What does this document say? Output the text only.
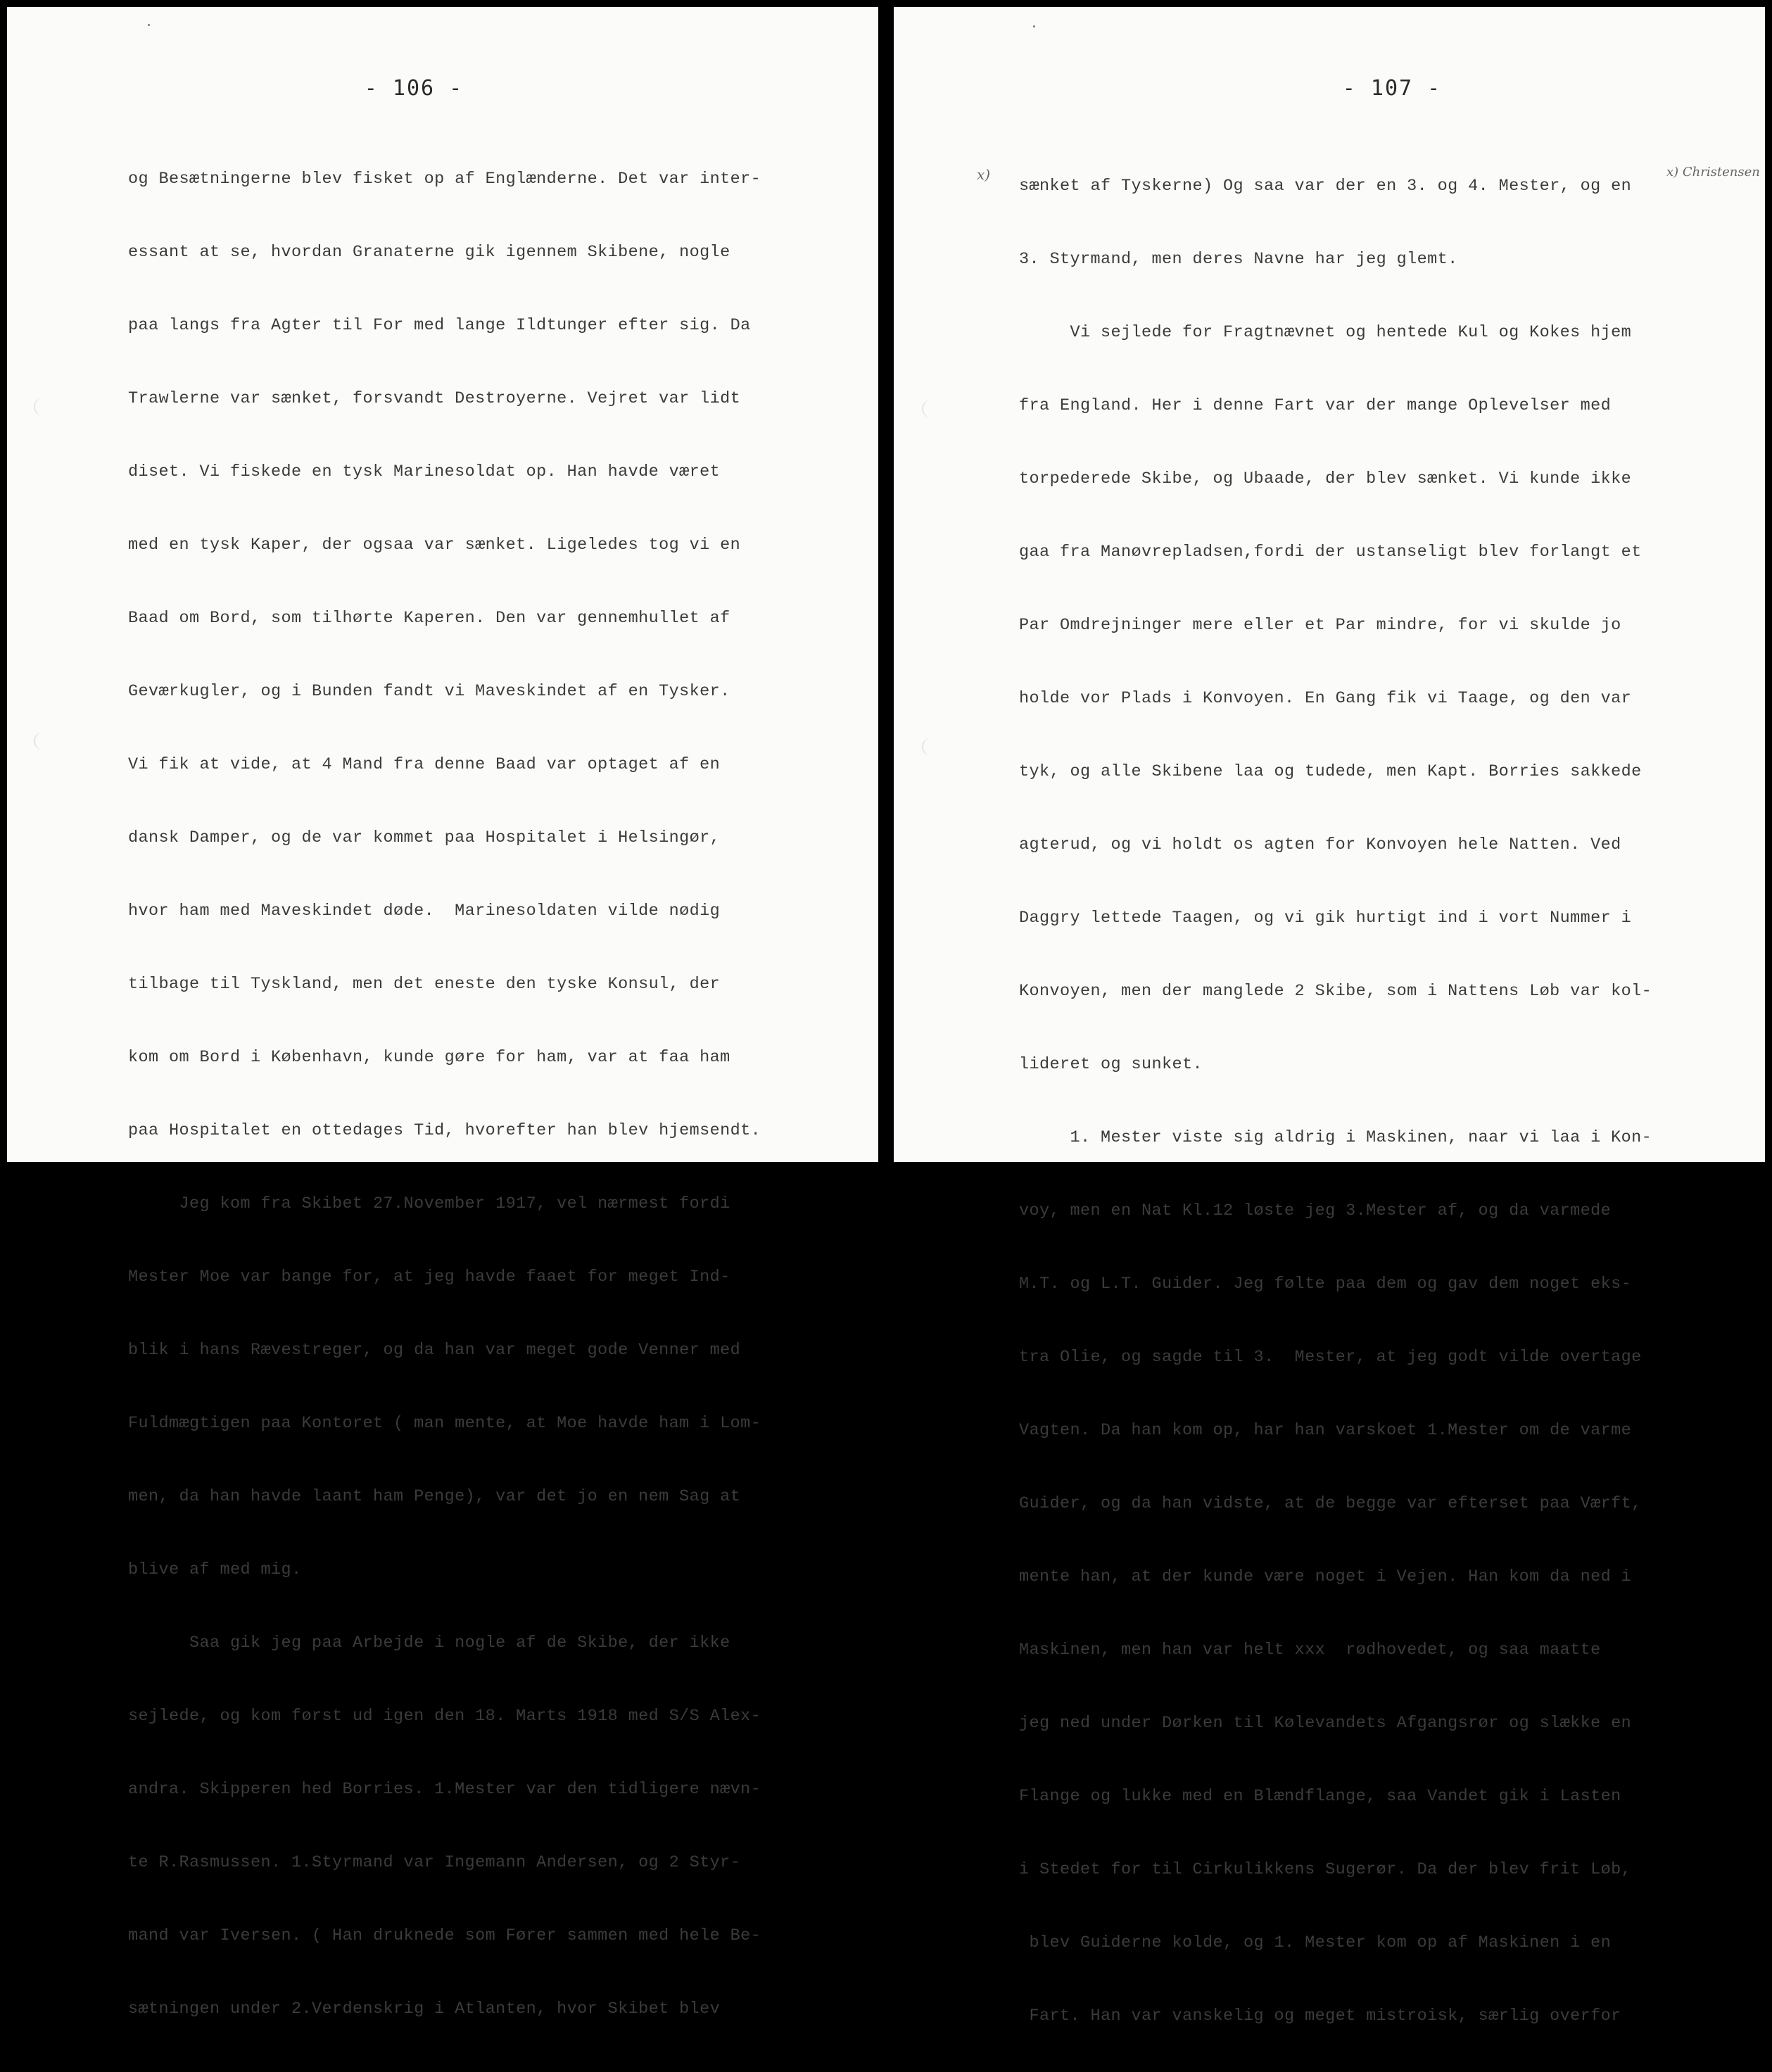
- 106 -

og Besætningerne blev fisket op af Englænderne. Det var inter-

essant at se, hvordan Granaterne gik igennem Skibene, nogle

paa langs fra Agter til For med lange Ildtunger efter sig. Da

Trawlerne var sænket, forsvandt Destroyerne. Vejret var lidt

diset. Vi fiskede en tysk Marinesoldat op. Han havde været

med en tysk Kaper, der ogsaa var sænket. Ligeledes tog vi en

Baad om Bord, som tilhørte Kaperen. Den var gennemhullet af

Geværkugler, og i Bunden fandt vi Maveskindet af en Tysker.

Vi fik at vide, at 4 Mand fra denne Baad var optaget af en

dansk Damper, og de var kommet paa Hospitalet i Helsingør,

hvor ham med Maveskindet døde.  Marinesoldaten vilde nødig

tilbage til Tyskland, men det eneste den tyske Konsul, der

kom om Bord i København, kunde gøre for ham, var at faa ham

paa Hospitalet en ottedages Tid, hvorefter han blev hjemsendt.

Jeg kom fra Skibet 27.November 1917, vel nærmest fordi

Mester Moe var bange for, at jeg havde faaet for meget Ind-

blik i hans Rævestreger, og da han var meget gode Venner med

Fuldmægtigen paa Kontoret ( man mente, at Moe havde ham i Lom-

men, da han havde laant ham Penge), var det jo en nem Sag at

blive af med mig.

Saa gik jeg paa Arbejde i nogle af de Skibe, der ikke

sejlede, og kom først ud igen den 18. Marts 1918 med S/S Alex-

andra. Skipperen hed Borries. 1.Mester var den tidligere nævn-

te R.Rasmussen. 1.Styrmand var Ingemann Andersen, og 2 Styr-

mand var Iversen. ( Han druknede som Fører sammen med hele Be-

sætningen under 2.Verdenskrig i Atlanten, hvor Skibet blev

- 107 -
x)	x) Christensen

sænket af Tyskerne) Og saa var der en 3. og 4. Mester, og en

3. Styrmand, men deres Navne har jeg glemt.

Vi sejlede for Fragtnævnet og hentede Kul og Kokes hjem

fra England. Her i denne Fart var der mange Oplevelser med

torpederede Skibe, og Ubaade, der blev sænket. Vi kunde ikke

gaa fra Manøvrepladsen,fordi der ustanseligt blev forlangt et

Par Omdrejninger mere eller et Par mindre, for vi skulde jo

holde vor Plads i Konvoyen. En Gang fik vi Taage, og den var

tyk, og alle Skibene laa og tudede, men Kapt. Borries sakkede

agterud, og vi holdt os agten for Konvoyen hele Natten. Ved

Daggry lettede Taagen, og vi gik hurtigt ind i vort Nummer i

Konvoyen, men der manglede 2 Skibe, som i Nattens Løb var kol-

lideret og sunket.

1. Mester viste sig aldrig i Maskinen, naar vi laa i Kon-

voy, men en Nat Kl.12 løste jeg 3.Mester af, og da varmede

M.T. og L.T. Guider. Jeg følte paa dem og gav dem noget eks-

tra Olie, og sagde til 3.  Mester, at jeg godt vilde overtage

Vagten. Da han kom op, har han varskoet 1.Mester om de varme

Guider, og da han vidste, at de begge var efterset paa Værft,

mente han, at der kunde være noget i Vejen. Han kom da ned i

Maskinen, men han var helt xxx  rødhovedet, og saa maatte

jeg ned under Dørken til Kølevandets Afgangsrør og slække en

Flange og lukke med en Blændflange, saa Vandet gik i Lasten

i Stedet for til Cirkulikkens Sugerør. Da der blev frit Løb,

blev Guiderne kolde, og 1. Mester kom op af Maskinen i en

Fart. Han var vanskelig og meget mistroisk, særlig overfor
